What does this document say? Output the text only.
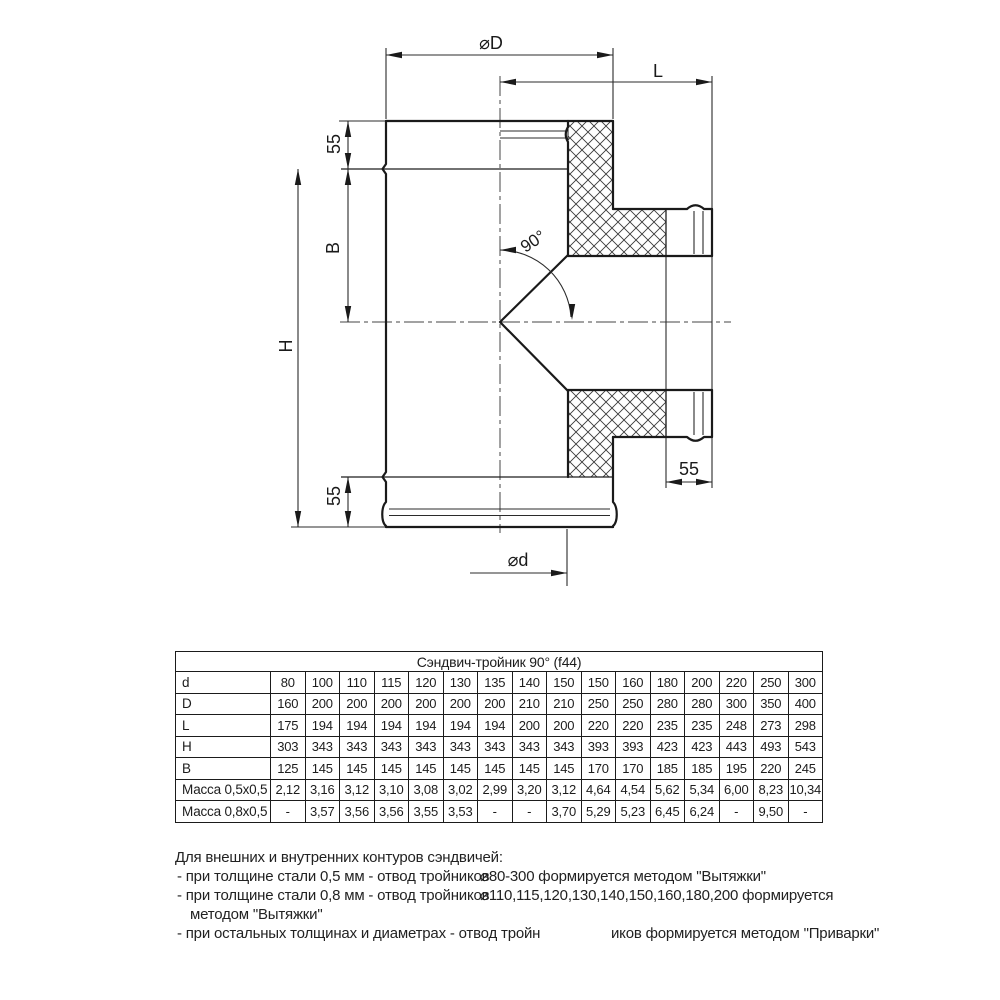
⌀D
L
55
B
H
55
55
⌀d
90°
Сэндвич-тройник 90° (f44)																
d	80	100	110	115	120	130	135	140	150	150	160	180	200	220	250	300
D	160	200	200	200	200	200	200	210	210	250	250	280	280	300	350	400
L	175	194	194	194	194	194	194	200	200	220	220	235	235	248	273	298
H	303	343	343	343	343	343	343	343	343	393	393	423	423	443	493	543
B	125	145	145	145	145	145	145	145	145	170	170	185	185	195	220	245
Масса 0,5x0,5	2,12	3,16	3,12	3,10	3,08	3,02	2,99	3,20	3,12	4,64	4,54	5,62	5,34	6,00	8,23	10,34
Масса 0,8x0,5	-	3,57	3,56	3,56	3,55	3,53	-	-	3,70	5,29	5,23	6,45	6,24	-	9,50	-
Для внешних и внутренних контуров сэндвичей:
- при толщине стали 0,5 мм - отвод тройников
⌀80-300 формируется методом "Вытяжки"
- при толщине стали 0,8 мм - отвод тройников
⌀110,115,120,130,140,150,160,180,200 формируется
методом "Вытяжки"
- при остальных толщинах и диаметрах - отвод тройн	иков формируется методом "Приварки"
